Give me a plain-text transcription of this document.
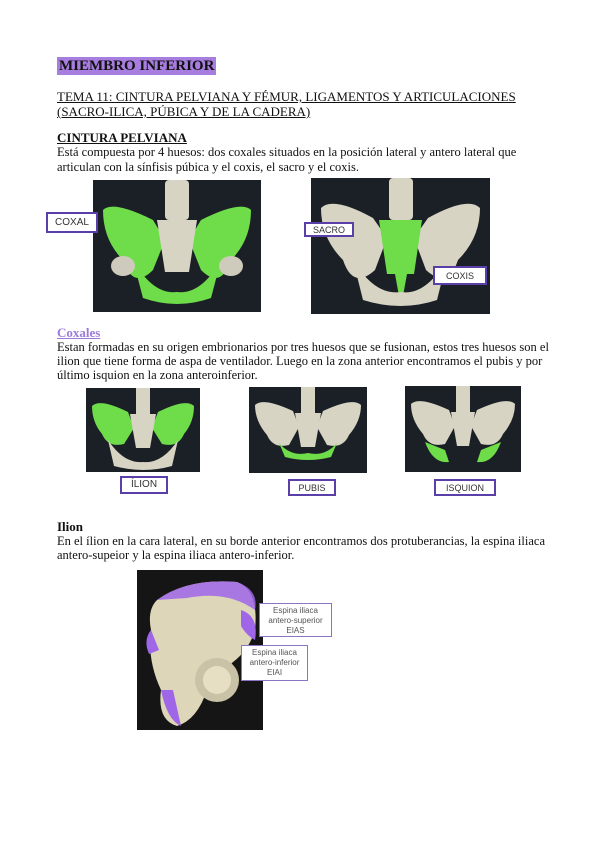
MIEMBRO INFERIOR
TEMA 11: CINTURA PELVIANA Y FÉMUR, LIGAMENTOS Y ARTICULACIONES (SACRO-ILICA, PÚBICA Y DE LA CADERA)
CINTURA PELVIANA
Está compuesta por 4 huesos: dos coxales situados en la posición lateral y antero lateral que
articulan con la sínfisis púbica y el coxis, el sacro y el coxis.
COXAL
SACRO
COXIS
Coxales
Estan formadas en su origen embrionarios por tres huesos que se fusionan, estos tres huesos son el
ilion que tiene forma de aspa de ventilador. Luego en la zona anterior encontramos el pubis y por
último isquion en la zona anteroinferior.
ÍLION	PUBIS	ISQUION
Ilion
En el ílion en la cara lateral, en su borde anterior encontramos dos protuberancias, la espina iliaca
antero-supeior y la espina iliaca antero-inferior.
Espina iliaca
antero-superior
EIAS
Espina iliaca
antero-inferior
EIAI
